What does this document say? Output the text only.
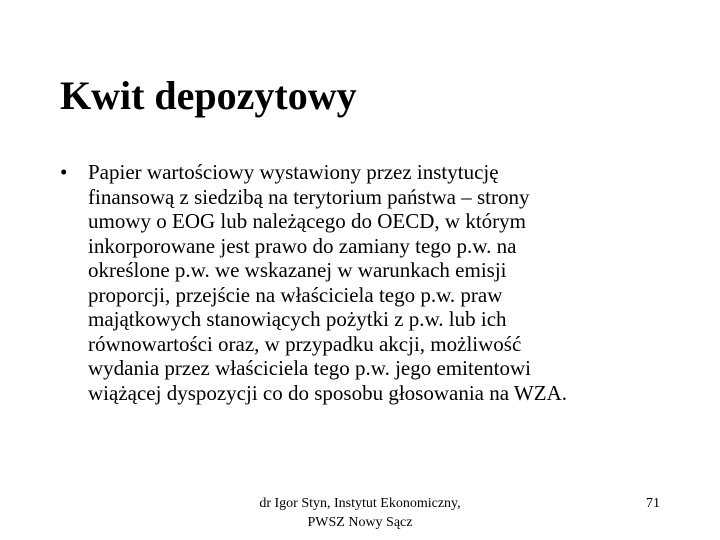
Kwit depozytowy
• Papier wartościowy wystawiony przez instytucję
finansową z siedzibą na terytorium państwa – strony
umowy o EOG lub należącego do OECD, w którym
inkorporowane jest prawo do zamiany tego p.w. na
określone p.w. we wskazanej w warunkach emisji
proporcji, przejście na właściciela tego p.w. praw
majątkowych stanowiących pożytki z p.w. lub ich
równowartości oraz, w przypadku akcji, możliwość
wydania przez właściciela tego p.w. jego emitentowi
wiążącej dyspozycji co do sposobu głosowania na WZA.
dr Igor Styn, Instytut Ekonomiczny,
PWSZ Nowy Sącz
71
